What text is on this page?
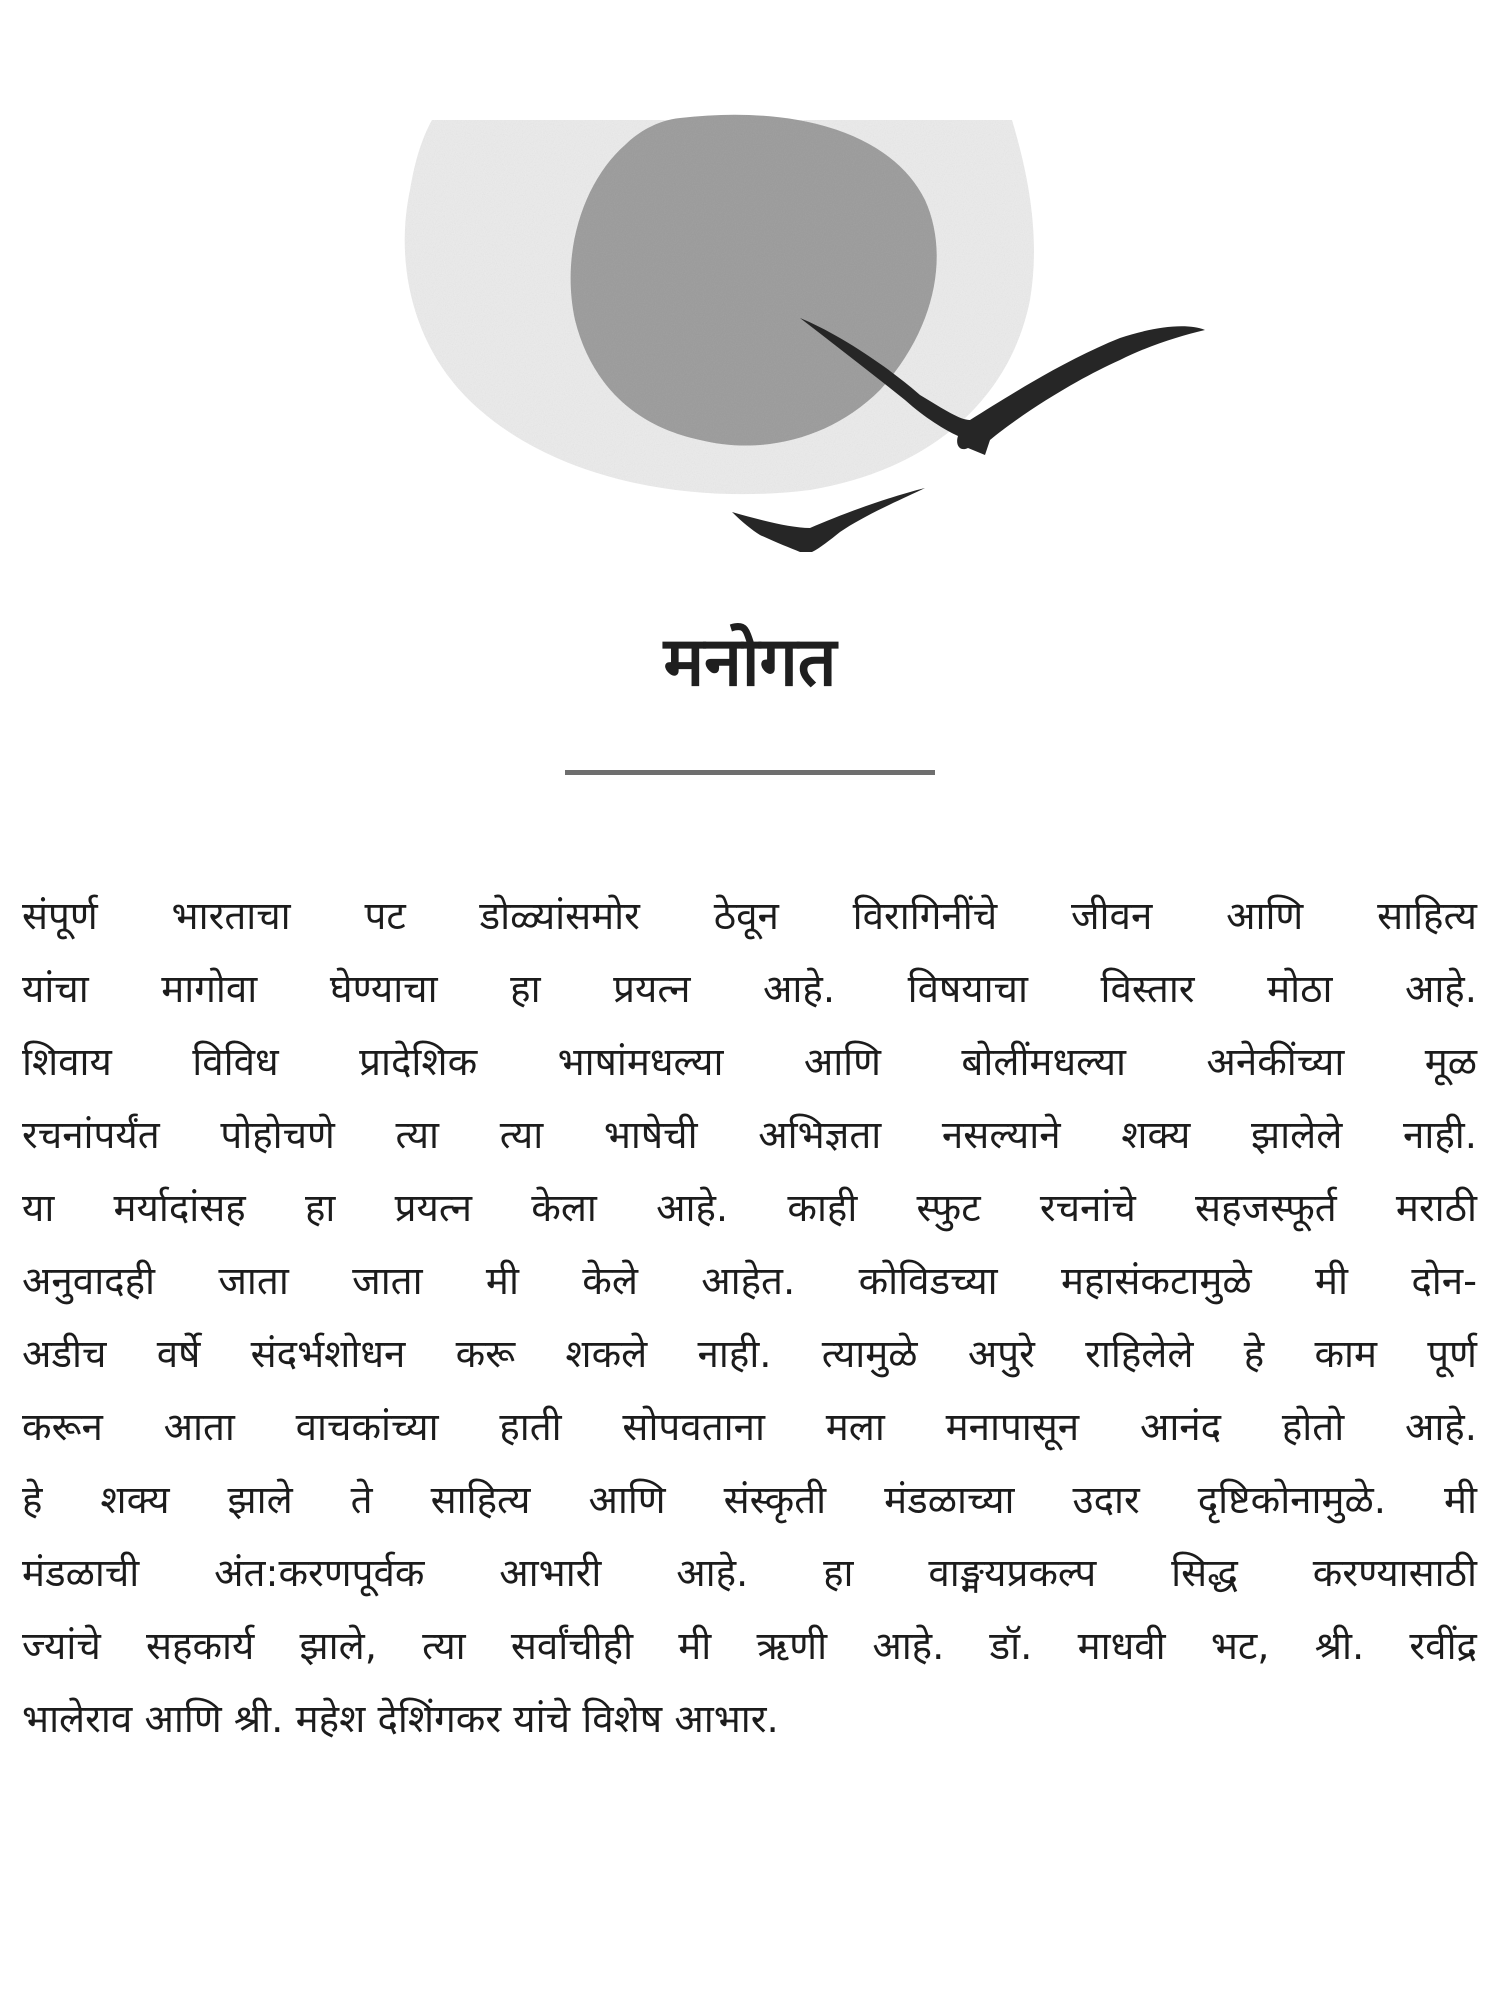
मनोगत

संपूर्ण भारताचा पट डोळ्यांसमोर ठेवून विरागिनींचे जीवन आणि साहित्य
यांचा मागोवा घेण्याचा हा प्रयत्न आहे. विषयाचा विस्तार मोठा आहे.
शिवाय विविध प्रादेशिक भाषांमधल्या आणि बोलींमधल्या अनेकींच्या मूळ
रचनांपर्यंत पोहोचणे त्या त्या भाषेची अभिज्ञता नसल्याने शक्य झालेले नाही.
या मर्यादांसह हा प्रयत्न केला आहे. काही स्फुट रचनांचे सहजस्फूर्त मराठी
अनुवादही जाता जाता मी केले आहेत. कोविडच्या महासंकटामुळे मी दोन-
अडीच वर्षे संदर्भशोधन करू शकले नाही. त्यामुळे अपुरे राहिलेले हे काम पूर्ण
करून आता वाचकांच्या हाती सोपवताना मला मनापासून आनंद होतो आहे.
हे शक्य झाले ते साहित्य आणि संस्कृती मंडळाच्या उदार दृष्टिकोनामुळे. मी
मंडळाची अंत:करणपूर्वक आभारी आहे. हा वाङ्मयप्रकल्प सिद्ध करण्यासाठी
ज्यांचे सहकार्य झाले, त्या सर्वांचीही मी ऋणी आहे. डॉ. माधवी भट, श्री. रवींद्र
भालेराव आणि श्री. महेश देशिंगकर यांचे विशेष आभार.
